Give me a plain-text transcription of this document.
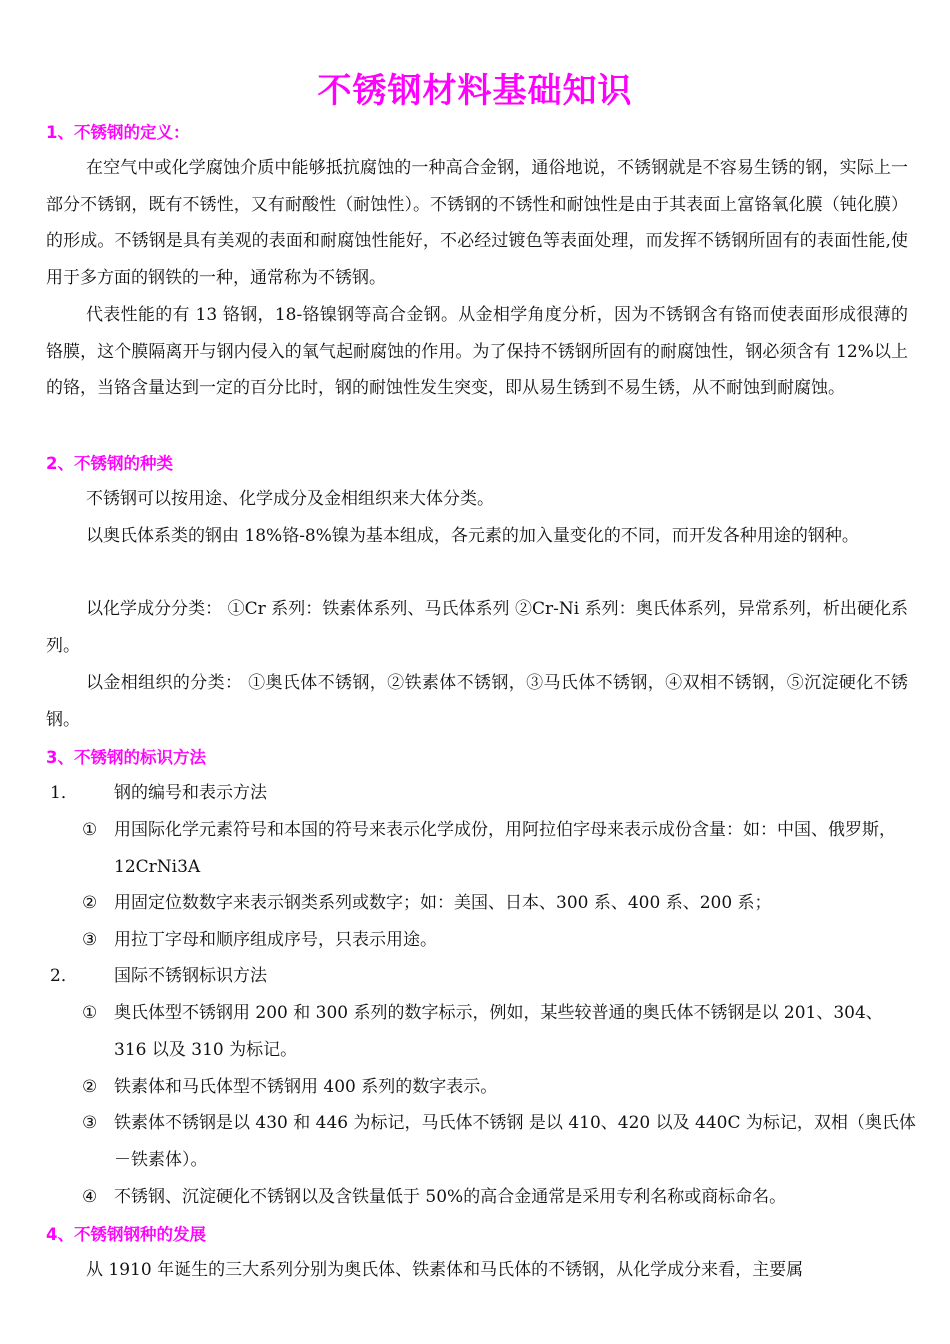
不锈钢材料基础知识
1、不锈钢的定义：
在空气中或化学腐蚀介质中能够抵抗腐蚀的一种高合金钢，通俗地说，不锈钢就是不容易生锈的钢，实际上一部分不锈钢，既有不锈性，又有耐酸性（耐蚀性）。不锈钢的不锈性和耐蚀性是由于其表面上富铬氧化膜（钝化膜）的形成。不锈钢是具有美观的表面和耐腐蚀性能好，不必经过镀色等表面处理，而发挥不锈钢所固有的表面性能,使用于多方面的钢铁的一种，通常称为不锈钢。
代表性能的有 13 铬钢，18-铬镍钢等高合金钢。从金相学角度分析，因为不锈钢含有铬而使表面形成很薄的铬膜，这个膜隔离开与钢内侵入的氧气起耐腐蚀的作用。为了保持不锈钢所固有的耐腐蚀性，钢必须含有 12%以上的铬，当铬含量达到一定的百分比时，钢的耐蚀性发生突变，即从易生锈到不易生锈，从不耐蚀到耐腐蚀。
2、不锈钢的种类
不锈钢可以按用途、化学成分及金相组织来大体分类。
以奥氏体系类的钢由 18%铬-8%镍为基本组成，各元素的加入量变化的不同，而开发各种用途的钢种。
以化学成分分类： ①Cr 系列：铁素体系列、马氏体系列 ②Cr-Ni 系列：奥氏体系列，异常系列，析出硬化系列。
以金相组织的分类： ①奥氏体不锈钢，②铁素体不锈钢，③马氏体不锈钢，④双相不锈钢，⑤沉淀硬化不锈钢。
3、不锈钢的标识方法
1． 钢的编号和表示方法
① 用国际化学元素符号和本国的符号来表示化学成份，用阿拉伯字母来表示成份含量：如：中国、俄罗斯，12CrNi3A
② 用固定位数数字来表示钢类系列或数字；如：美国、日本、300 系、400 系、200 系；
③ 用拉丁字母和顺序组成序号，只表示用途。
2． 国际不锈钢标识方法
① 奥氏体型不锈钢用 200 和 300 系列的数字标示，例如，某些较普通的奥氏体不锈钢是以 201、304、 316 以及 310 为标记。
② 铁素体和马氏体型不锈钢用 400 系列的数字表示。
③ 铁素体不锈钢是以 430 和 446 为标记，马氏体不锈钢 是以 410、420 以及 440C 为标记，双相（奥氏体－铁素体）。
④ 不锈钢、沉淀硬化不锈钢以及含铁量低于 50%的高合金通常是采用专利名称或商标命名。
4、不锈钢钢种的发展
从 1910 年诞生的三大系列分别为奥氏体、铁素体和马氏体的不锈钢，从化学成分来看，主要属
